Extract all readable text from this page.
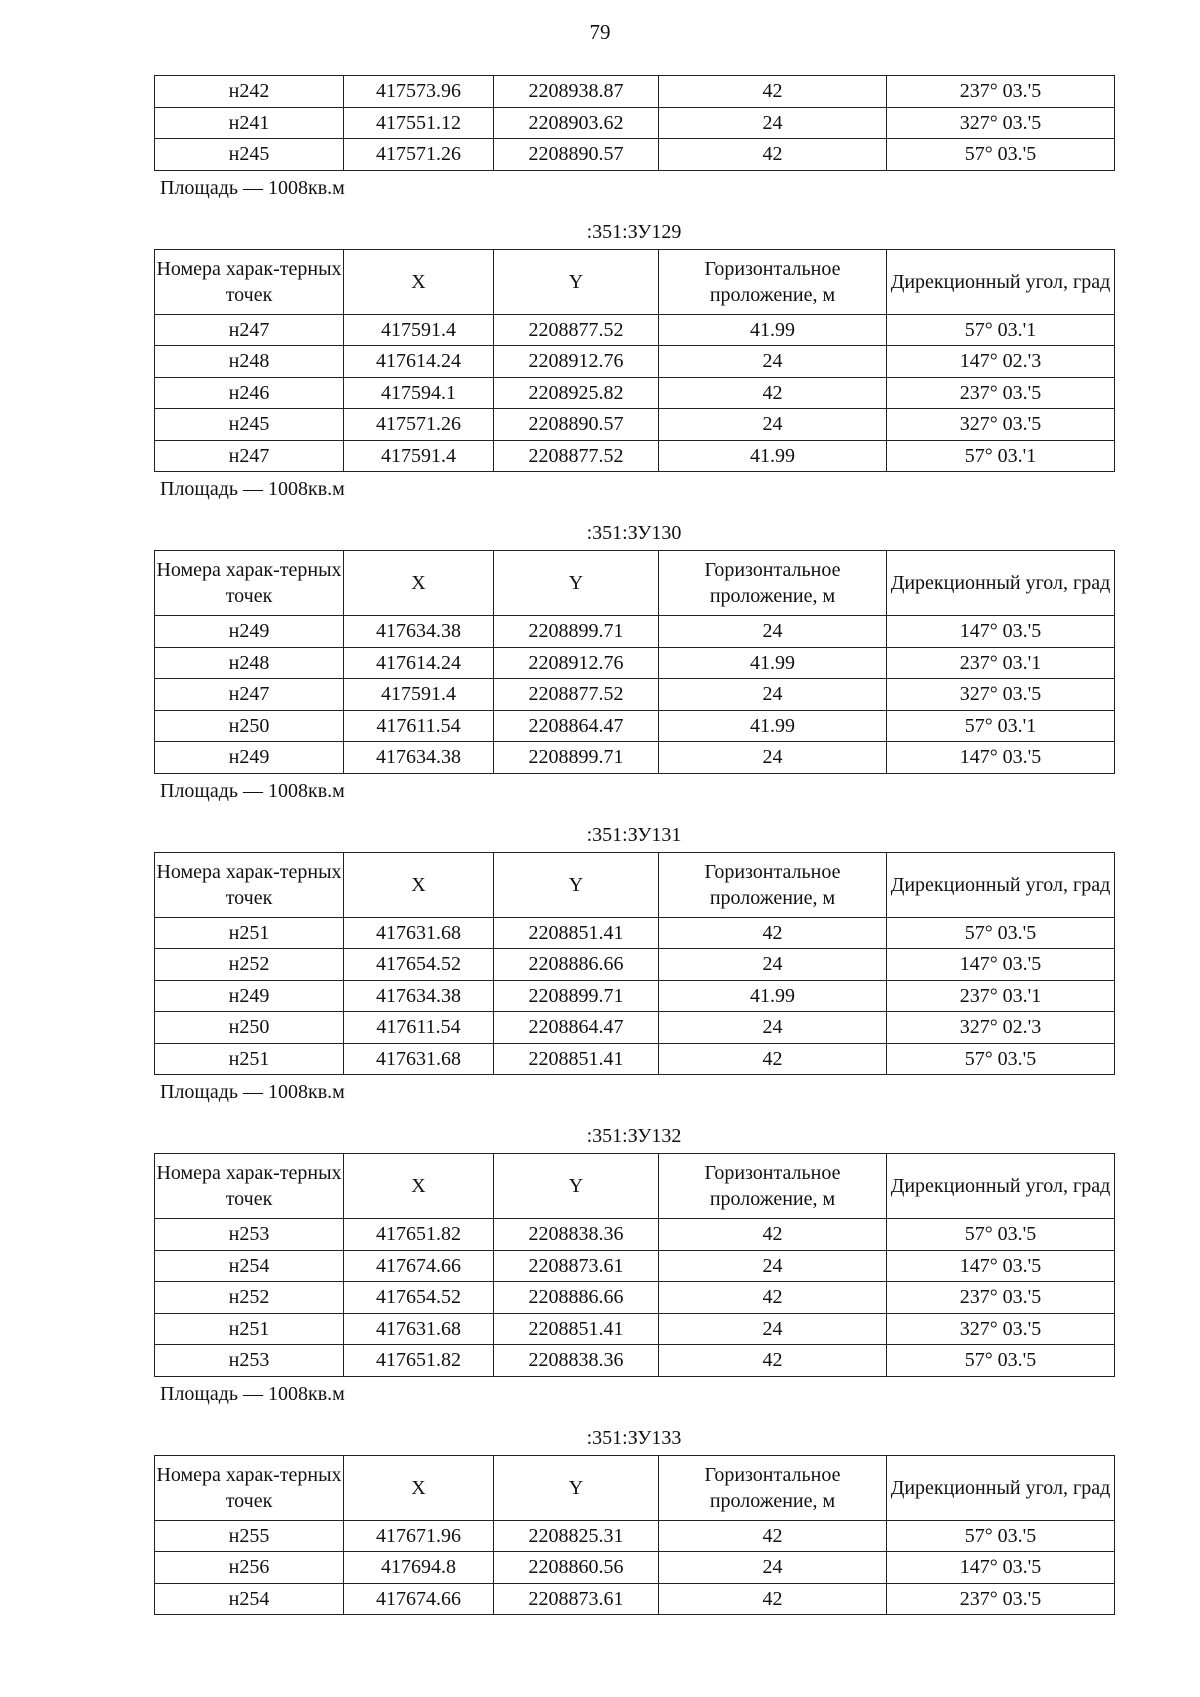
79
н242	417573.96	2208938.87	42	237° 03.'5
н241	417551.12	2208903.62	24	327° 03.'5
н245	417571.26	2208890.57	42	57° 03.'5
Площадь — 1008кв.м
:351:ЗУ129
Номера харак-терных точек	X	Y	Горизонтальное проложение, м	Дирекционный угол, град
н247	417591.4	2208877.52	41.99	57° 03.'1
н248	417614.24	2208912.76	24	147° 02.'3
н246	417594.1	2208925.82	42	237° 03.'5
н245	417571.26	2208890.57	24	327° 03.'5
н247	417591.4	2208877.52	41.99	57° 03.'1
Площадь — 1008кв.м
:351:ЗУ130
Номера харак-терных точек	X	Y	Горизонтальное проложение, м	Дирекционный угол, град
н249	417634.38	2208899.71	24	147° 03.'5
н248	417614.24	2208912.76	41.99	237° 03.'1
н247	417591.4	2208877.52	24	327° 03.'5
н250	417611.54	2208864.47	41.99	57° 03.'1
н249	417634.38	2208899.71	24	147° 03.'5
Площадь — 1008кв.м
:351:ЗУ131
Номера харак-терных точек	X	Y	Горизонтальное проложение, м	Дирекционный угол, град
н251	417631.68	2208851.41	42	57° 03.'5
н252	417654.52	2208886.66	24	147° 03.'5
н249	417634.38	2208899.71	41.99	237° 03.'1
н250	417611.54	2208864.47	24	327° 02.'3
н251	417631.68	2208851.41	42	57° 03.'5
Площадь — 1008кв.м
:351:ЗУ132
Номера харак-терных точек	X	Y	Горизонтальное проложение, м	Дирекционный угол, град
н253	417651.82	2208838.36	42	57° 03.'5
н254	417674.66	2208873.61	24	147° 03.'5
н252	417654.52	2208886.66	42	237° 03.'5
н251	417631.68	2208851.41	24	327° 03.'5
н253	417651.82	2208838.36	42	57° 03.'5
Площадь — 1008кв.м
:351:ЗУ133
Номера харак-терных точек	X	Y	Горизонтальное проложение, м	Дирекционный угол, град
н255	417671.96	2208825.31	42	57° 03.'5
н256	417694.8	2208860.56	24	147° 03.'5
н254	417674.66	2208873.61	42	237° 03.'5
